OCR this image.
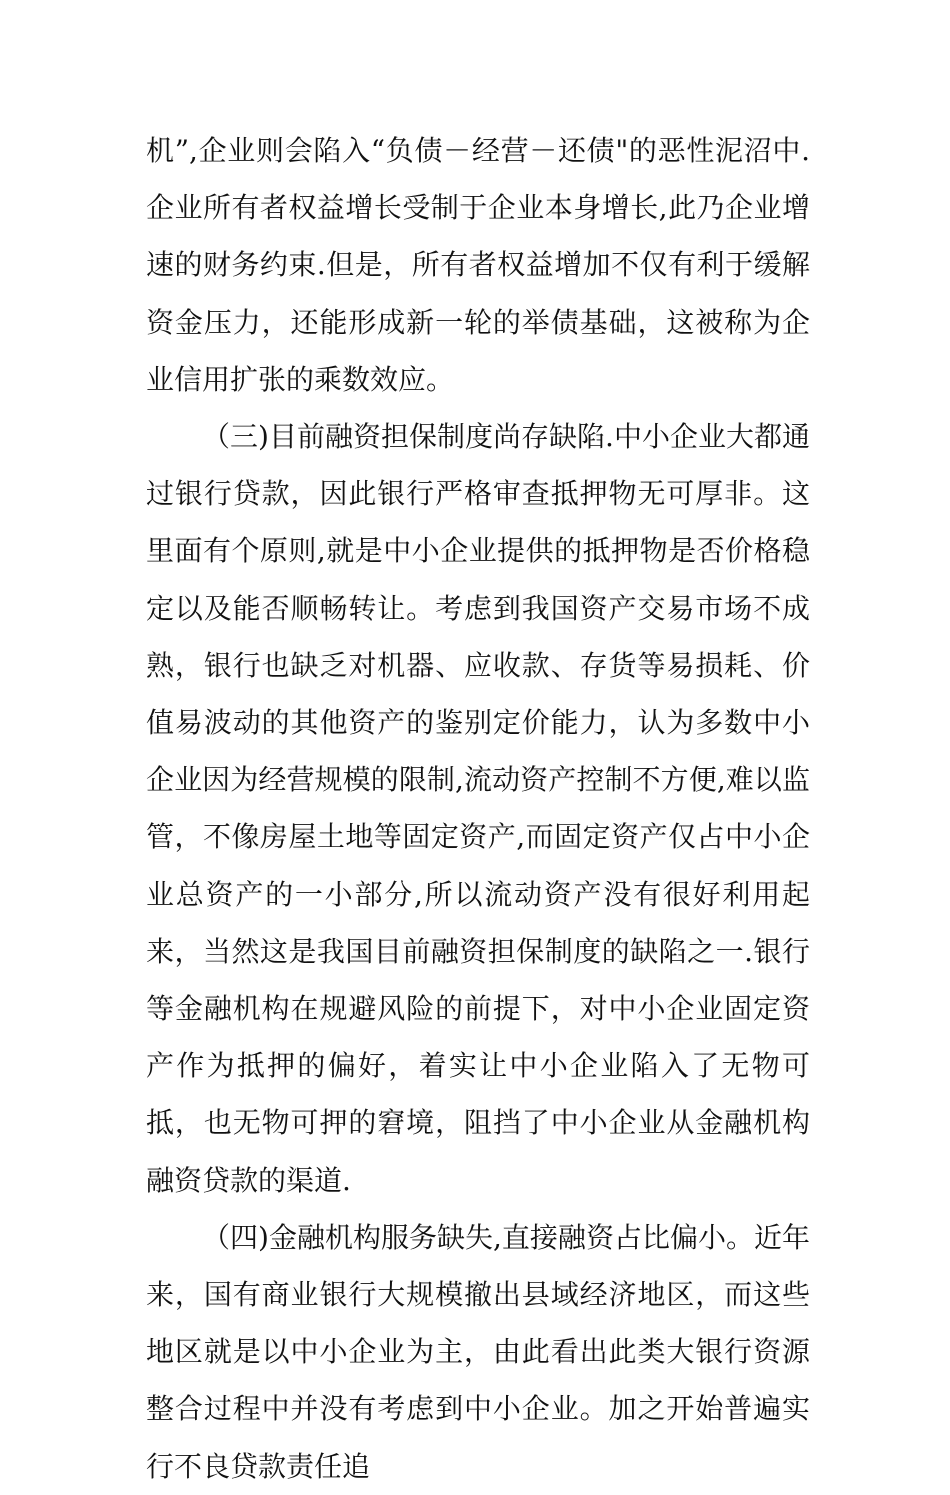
机”,企业则会陷入“负债－经营－还债"的恶性泥沼中.企业所有者权益增长受制于企业本身增长,此乃企业增速的财务约束.但是，所有者权益增加不仅有利于缓解资金压力，还能形成新一轮的举债基础，这被称为企业信用扩张的乘数效应。

（三)目前融资担保制度尚存缺陷.中小企业大都通过银行贷款，因此银行严格审查抵押物无可厚非。这里面有个原则,就是中小企业提供的抵押物是否价格稳定以及能否顺畅转让。考虑到我国资产交易市场不成熟，银行也缺乏对机器、应收款、存货等易损耗、价值易波动的其他资产的鉴别定价能力，认为多数中小企业因为经营规模的限制,流动资产控制不方便,难以监管，不像房屋土地等固定资产,而固定资产仅占中小企业总资产的一小部分,所以流动资产没有很好利用起来，当然这是我国目前融资担保制度的缺陷之一.银行等金融机构在规避风险的前提下，对中小企业固定资产作为抵押的偏好，着实让中小企业陷入了无物可抵，也无物可押的窘境，阻挡了中小企业从金融机构融资贷款的渠道.

（四)金融机构服务缺失,直接融资占比偏小。近年来，国有商业银行大规模撤出县域经济地区，而这些地区就是以中小企业为主，由此看出此类大银行资源整合过程中并没有考虑到中小企业。加之开始普遍实行不良贷款责任追
